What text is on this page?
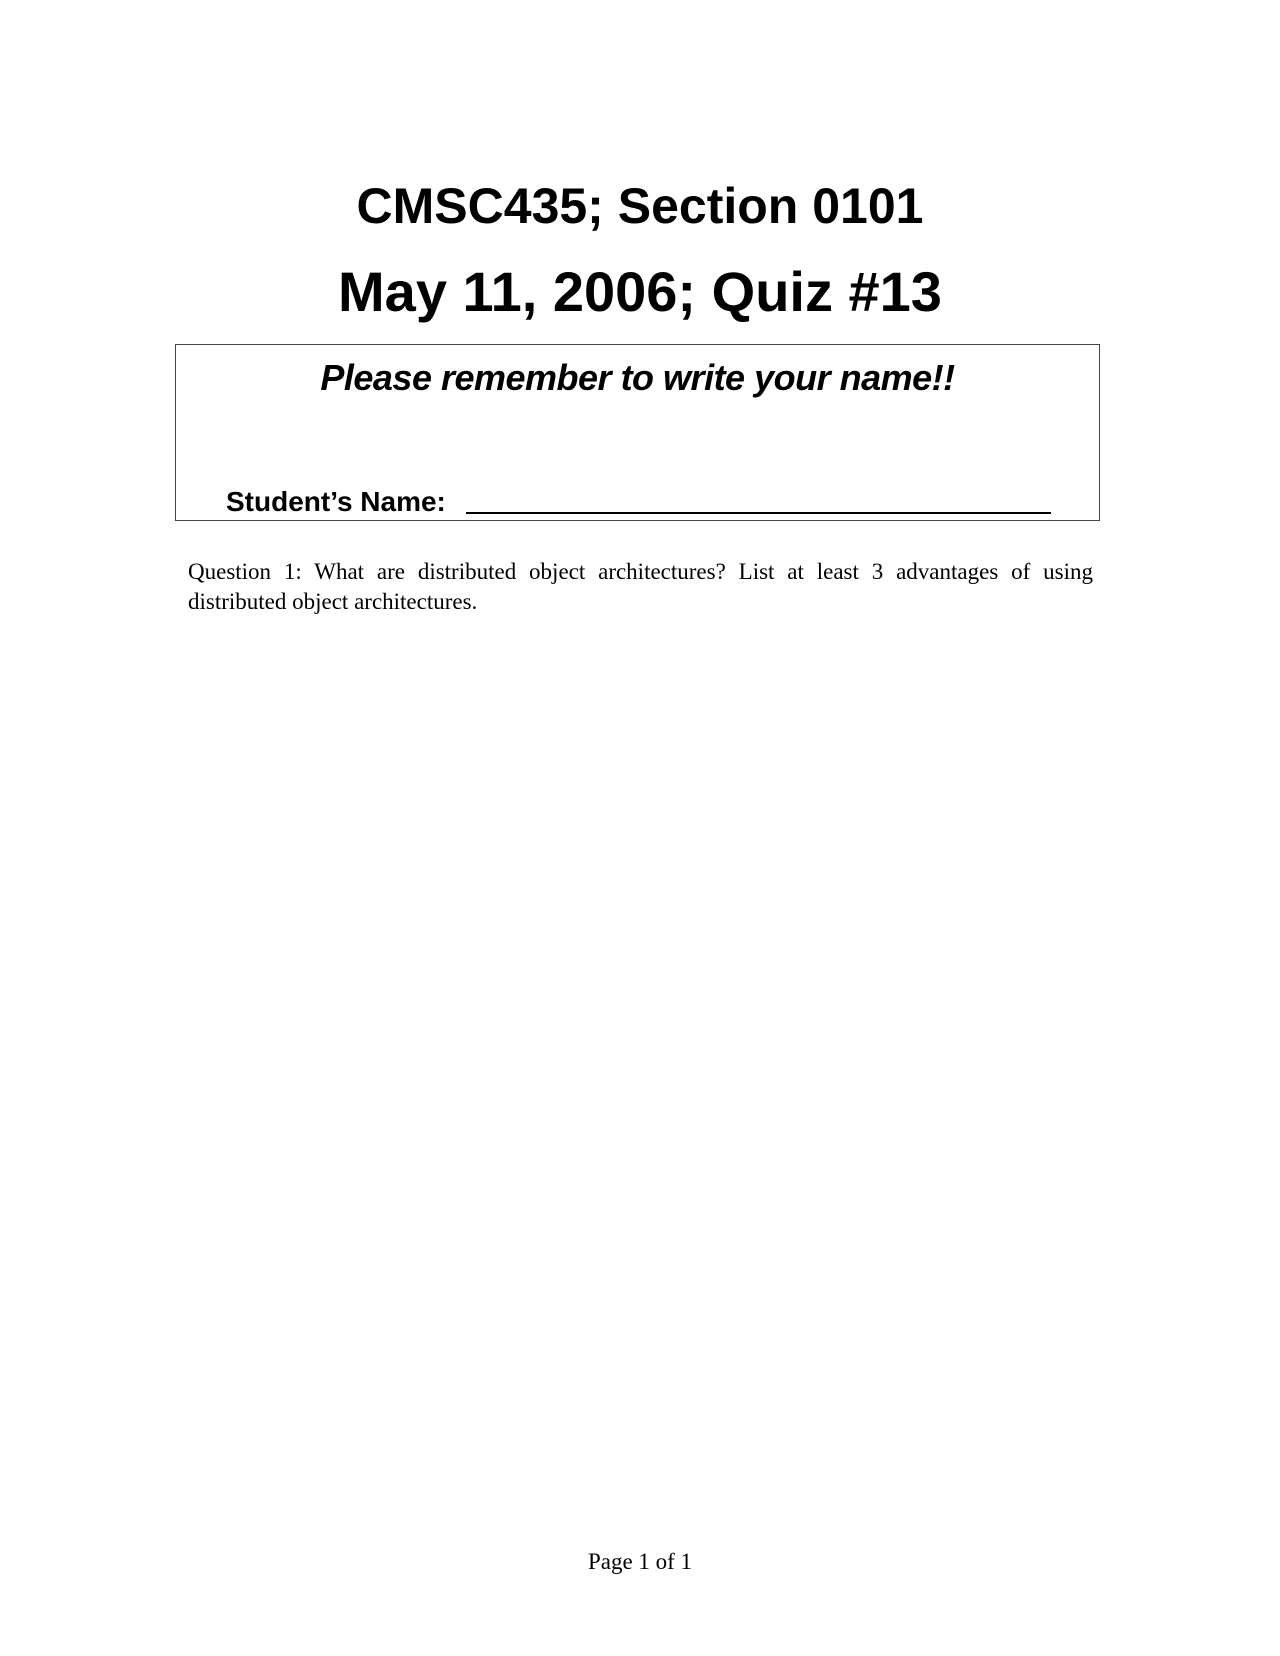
CMSC435; Section 0101
May 11, 2006; Quiz #13
Please remember to write your name!!
Student’s Name:

Question 1: What are distributed object architectures? List at least 3 advantages of using distributed object architectures.

Page 1 of 1
